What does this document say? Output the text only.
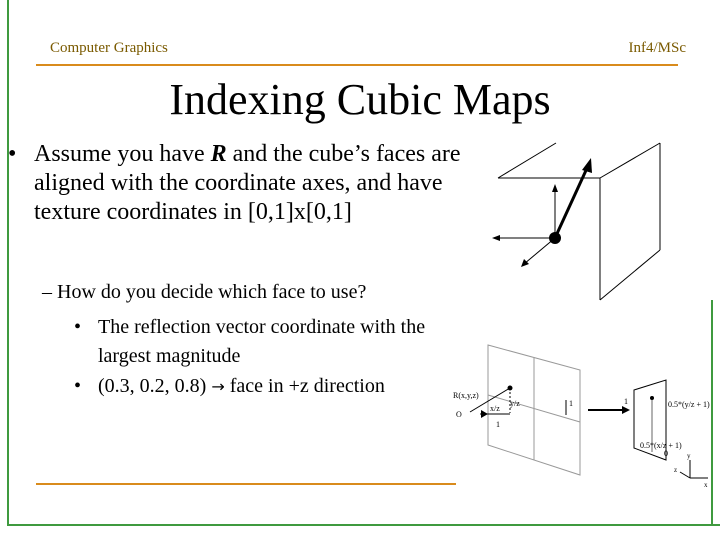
Computer Graphics	Inf4/MSc
Indexing Cubic Maps
• Assume you have R and the cube’s faces are aligned with the coordinate axes, and have texture coordinates in [0,1]x[0,1]
– How do you decide which face to use?
• The reflection vector coordinate with the largest magnitude
• (0.3, 0.2, 0.8) → face in +z direction	R(x,y,z)
y/z
x/z
O
1
1	1	0.5*(y/z + 1)
0.5*(x/z + 1)
0	y
x
z
